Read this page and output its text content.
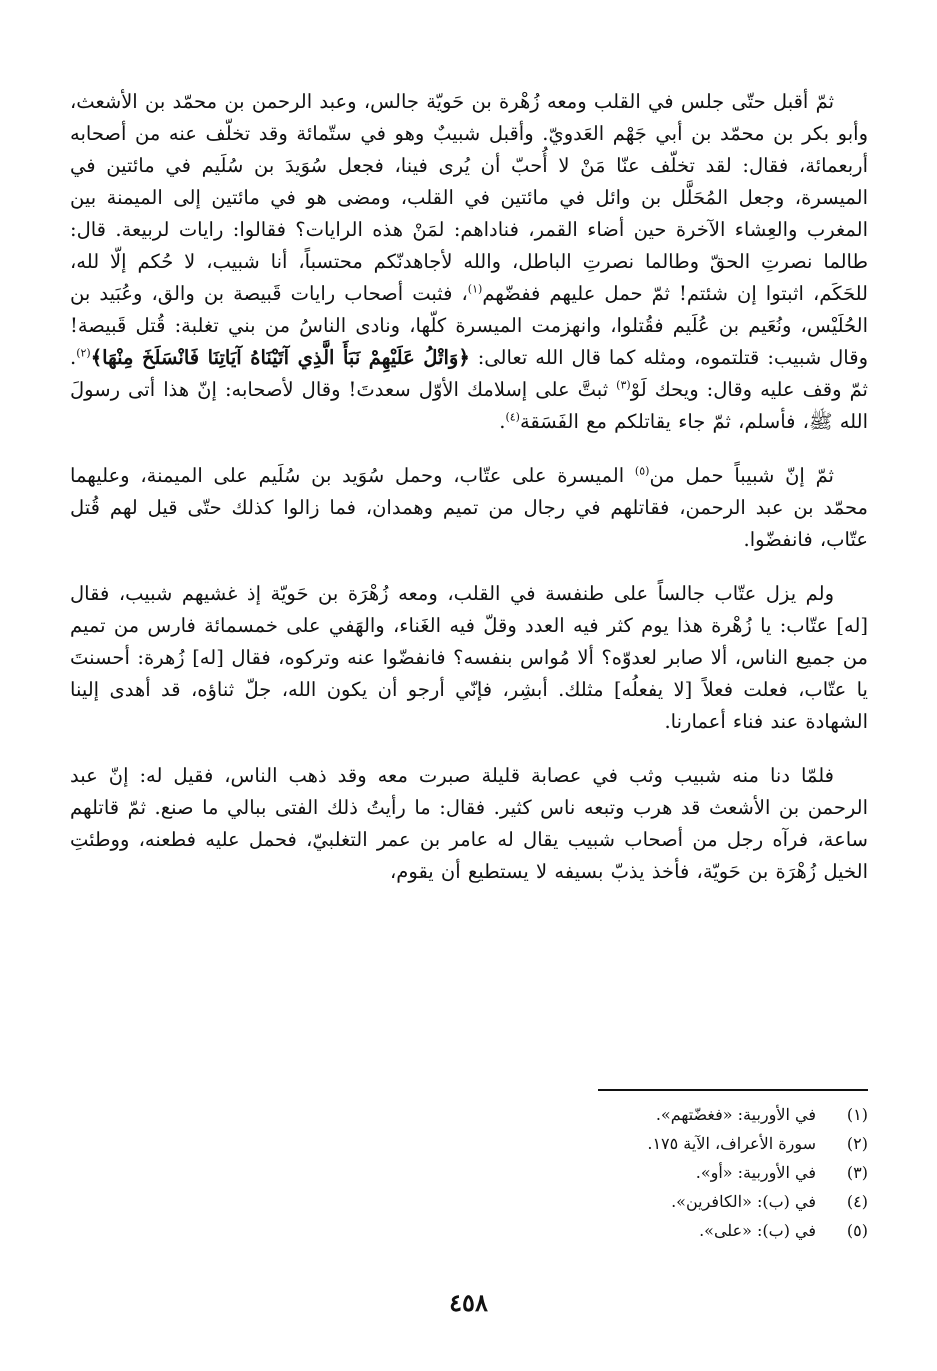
ثمّ أقبل حتّى جلس في القلب ومعه زُهْرة بن حَويّة جالس، وعبد الرحمن بن محمّد بن الأشعث، وأبو بكر بن محمّد بن أبي جَهْم العَدويّ. وأقبل شبيبٌ وهو في ستّمائة وقد تخلّف عنه من أصحابه أربعمائة، فقال: لقد تخلّف عنّا مَنْ لا أُحبّ أن يُرى فينا، فجعل سُوَيدَ بن سُلَيم في مائتين في الميسرة، وجعل المُحَلَّل بن وائل في مائتين في القلب، ومضى هو في مائتين إلى الميمنة بين المغرب والعِشاء الآخرة حين أضاء القمر، فناداهم: لمَنْ هذه الرايات؟ فقالوا: رايات لربيعة. قال: طالما نصرتِ الحقّ وطالما نصرتِ الباطل، والله لأجاهدنّكم محتسباً، أنا شبيب، لا حُكم إلّا لله، للحَكَم، اثبتوا إن شئتم! ثمّ حمل عليهم ففضّهم$^{(١)}$، فثبت أصحاب رايات قَبيصة بن والق، وعُبَيد بن الحُلَيْس، ونُعَيم بن عُلَيم فقُتلوا، وانهزمت الميسرة كلّها، ونادى الناسُ من بني تغلبة: قُتل قَبيصة! وقال شبيب: قتلتموه، ومثله كما قال الله تعالى: ﴿وَاتْلُ عَلَيْهِمْ نَبَأَ الَّذِي آتَيْنَاهُ آيَاتِنَا فَانْسَلَخَ مِنْهَا﴾$^{(٢)}$. ثمّ وقف عليه وقال: ويحك لَوْ$^{(٣)}$ ثبتَّ على إسلامك الأوّل سعدتَ! وقال لأصحابه: إنّ هذا أتى رسولَ الله ﷺ، فأسلم، ثمّ جاء يقاتلكم مع الفَسَقة$^{(٤)}$.

ثمّ إنّ شبيباً حمل من$^{(٥)}$ الميسرة على عتّاب، وحمل سُوَيد بن سُلَيم على الميمنة، وعليهما محمّد بن عبد الرحمن، فقاتلهم في رجال من تميم وهمدان، فما زالوا كذلك حتّى قيل لهم قُتل عتّاب، فانفضّوا.

ولم يزل عتّاب جالساً على طنفسة في القلب، ومعه زُهْرَة بن حَويّة إذ غشيهم شبيب، فقال [له] عتّاب: يا زُهْرة هذا يوم كثر فيه العدد وقلّ فيه الغَناء، والهَفي على خمسمائة فارس من تميم من جميع الناس، ألا صابر لعدوّه؟ ألا مُواس بنفسه؟ فانفضّوا عنه وتركوه، فقال [له] زُهرة: أحسنتَ يا عتّاب، فعلت فعلاً [لا يفعلُه] مثلك. أبشِر، فإنّي أرجو أن يكون الله، جلّ ثناؤه، قد أهدى إلينا الشهادة عند فناء أعمارنا.

فلمّا دنا منه شبيب وثب في عصابة قليلة صبرت معه وقد ذهب الناس، فقيل له: إنّ عبد الرحمن بن الأشعث قد هرب وتبعه ناس كثير. فقال: ما رأيتُ ذلك الفتى ببالي ما صنع. ثمّ قاتلهم ساعة، فرآه رجل من أصحاب شبيب يقال له عامر بن عمر التغلبيّ، فحمل عليه فطعنه، ووطئتِ الخيل زُهْرَة بن حَويّة، فأخذ يذبّ بسيفه لا يستطيع أن يقوم،

(١)في الأوربية: «فغضّتهم».
(٢)سورة الأعراف، الآية ١٧٥.
(٣)في الأوربية: «أو».
(٤)في (ب): «الكافرين».
(٥)في (ب): «على».
٤٥٨
